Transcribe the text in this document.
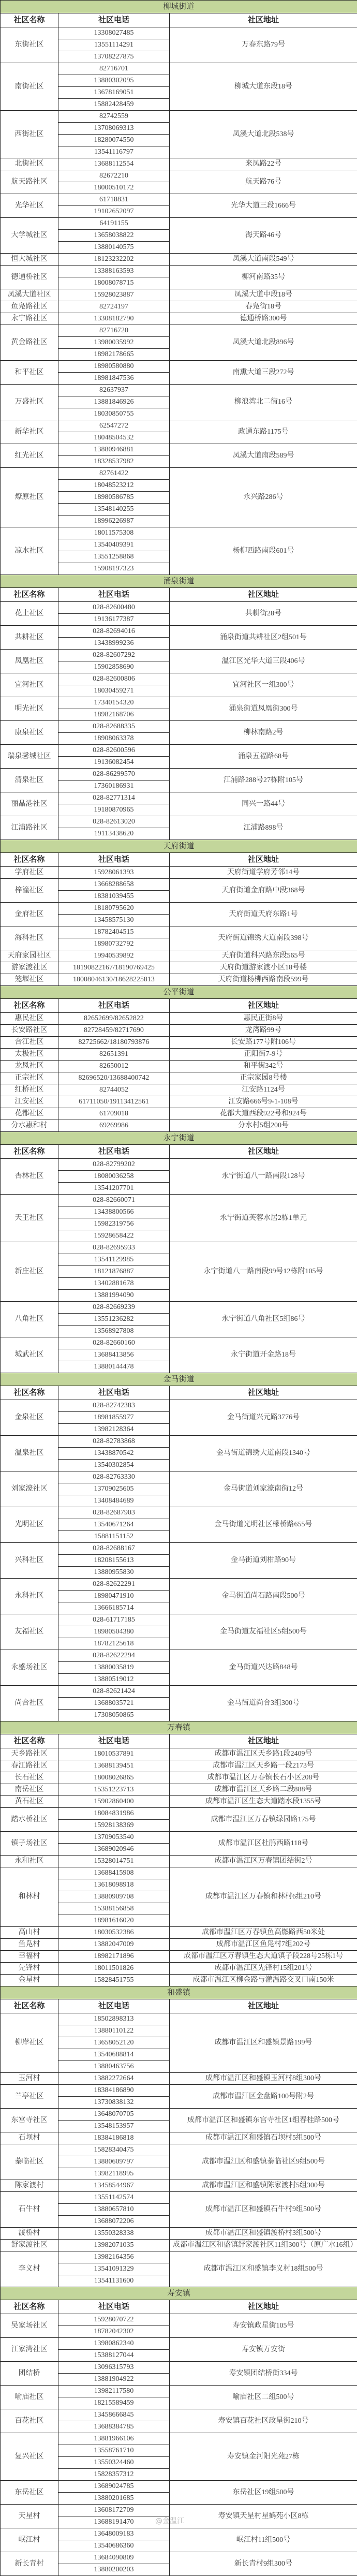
柳城街道		
社区名称	社区电话	社区地址
东街社区	13308027485	万春东路79号
	13551114291	
	13708227875	
南街社区	82716701	柳城大道东段18号
	13880302095	
	13678169051	
	15882428459	
西街社区	82742559	凤溪大道北段538号
	13708069313	
	18280074550	
	13541116797	
北街社区	13688112554	来凤路22号
航天路社区	82672210	航天路76号
	18000510172	
光华社区	61718831	光华大道三段1666号
	19102652097	
大学城社区	64191155	海天路46号
	13658038822	
	13880140575	
恒大城社区	18123232202	凤溪大道南段549号
德通桥社区	13388163593	柳河南路35号
	18008078715	
凤溪大道社区	15928023887	凤溪大道中段18号
鱼凫路社区	82724197	春凫街18号
永宁路社区	13308182790	德通桥路300号
黄金路社区	82716720	凤溪大道北段896号
	13980035992	
	18982178665	
和平社区	18980580880	南熏大道三段272号
	18981847536	
万盛社区	82637937	柳浪湾北二街16号
	13881846926	
	18030850755	
新华社区	62547272	政通东路1175号
	18048504532	
红光社区	13880946881	凤溪大道南段589号
	18328537982	
燎原社区	82761422	永兴路286号
	18048523212	
	18980586785	
	13548140255	
	18996226987	
凉水社区	18011575308	杨柳西路南段601号
	13540409391	
	13551258868	
	15908197323	
涌泉街道		
社区名称	社区电话	社区地址
花土社区	028-82600480	共耕街28号
	19136177387	
共耕社区	028-82694016	涌泉街道共耕社区2组501号
	13438999236	
凤凰社区	028-82607292	温江区光华大道三段406号
	15902858690	
宜河社区	028-82600806	宜河社区一组300号
	18030459271	
明光社区	17340154320	涌泉街道凤凰街300号
	18982168706	
康泉社区	028-82688335	柳林南路2号
	18908063378	
瑞泉馨城社区	028-82600596	涌泉五福路68号
	19136082454	
清泉社区	028-86299570	江浦路288号27栋附105号
	17360186931	
丽晶港社区	028-82771314	同兴一路44号
	19180870965	
江浦路社区	028-82613020	江浦路898号
	19113438620	
天府街道		
社区名称	社区电话	社区地址
学府社区	15928061393	天府街道学府芳邻14号
梓潼社区	13668288658	天府街道金府路中段368号
	18381039455	
金府社区	18180795620	天府街道天府东路1号
	13458575130	
海科社区	18782404515	天府街道锦绣大道南段398号
	18980732792	
天府家园社区	19940539892	天府街道科兴路东段565号
游家渡社区	18190822167/18190769425	天府街道游家渡小区18号楼
笼堰社区	18008046130/18628225813	天府街道杨柳西路南段599号
公平街道		
社区名称	社区电话	社区地址
惠民社区	82652699/82652822	惠民正街8号
长安路社区	82728459/82717690	龙湾路99号
合江社区	82725662/18180793876	长安路177号附106号
太极社区	82651391	正阳街7-9号
龙凤社区	82650012	和平街342号
正宗社区	82696520/13688400742	正宗家园8号楼
红桥社区	82744052	江安路1124号
江安社区	61711050/19113412561	江安路666号9-1-108号
花都社区	61709018	花都大道西段922号和924号
分水惠和村	69269986	分水村5组200号
永宁街道		
社区名称	社区电话	社区地址
杏林社区	028-82799202	永宁街道八一路南段128号
	18080036258	
	13541207701	
天王社区	028-82660071	永宁街道芙蓉水居2栋1单元
	13438800566	
	15982319756	
	15928658422	
新庄社区	028-82695933	永宁街道八一路南段99号12栋附105号
	13541129985	
	18121876887	
	13402881678	
	13881994090	
八角社区	028-82669239	永宁街道八角社区5组86号
	13551236282	
	13568927808	
城武社区	028-82660160	永宁街道开金路18号
	13688413856	
	13880144478	
金马街道		
社区名称	社区电话	社区地址
金泉社区	028-82742383	金马街道兴元路3776号
	18981855977	
	13982128364	
温泉社区	028-82783868	金马街道锦绣大道南段1340号
	13438870542	
	13540302854	
刘家濠社区	028-82763330	金马街道刘家濠南街12号
	13709025605	
	13408484689	
光明社区	028-82687903	金马街道光明社区檬桥路655号
	13540671264	
	15881151152	
兴科社区	028-82688167	金马街道刘柑路90号
	18208155613	
	13880955830	
永科社区	028-82622291	金马街道尚石路南段500号
	18980471910	
	13666185714	
友福社区	028-61717185	金马街道友福社区5组500号
	18980504380	
	18782125618	
永盛场社区	028-82622294	金马街道兴达路848号
	13880035819	
	13880519012	
尚合社区	028-82621424	金马街道尚合3组300号
	13688035721	
	17308050865	
万春镇		
社区名称	社区电话	社区地址
天乡路社区	18010537891	成都市温江区天乡路1段2409号
春江路社区	13688139451	成都市温江区天乡路一段2173号
长石社区	18008026865	成都市温江区万春镇长石小区208号
南岳社区	15351223713	成都市温江区天乡路二段888号
黄石社区	15902860400	成都市温江区生态大道踏水段1355号
踏水桥社区	18084831986	成都市温江区万春镇绿园路175号
	15928138369	
镇子场社区	13709053540	成都市温江区杜鹃西路118号
	13689020946	
永和社区	15328014751	成都市温江区万春镇团结街2号
和林村	13688415908	成都市温江区万春镇和林村6组210号
	13618098918	
	13880909708	
	15388156858	
	18981616020	
高山村	18030532386	成都市温江区万春镇鱼高燃路西50米处
鱼凫村	13882047009	成都市温江区鱼凫村7组202号
幸福村	18982171896	成都市温江区万春镇生态大道镇子段228号25栋1号
先锋村	18011501826	成都市温江区先锋村15组201号
金星村	15828451755	成都市温江区柳金路与灌温路交叉口南150米
和盛镇		
社区名称	社区电话	社区地址
柳岸社区	18502898313	成都市温江区和盛镇景路199号
	13880110122	
	13658052120	
	13540688814	
	13880463756	
玉河村	13882272664	成都市温江区和盛镇玉河村8组300号
兰亭社区	18384186890	成都市温江区金盘路100号附2号
	13730838132	
东宫寺社区	13648070705	成都市温江区和盛镇东宫寺社区1组春桂路500号
	13548153957	
石坝村	18384186818	成都市温江区和盛镇石坝村5组500号
蓁临社区	15828340475	成都市温江区和盛镇蓁临社区9组500号
	13880609797	
	13982118995	
陈家渡村	13458544967	成都市温江区和盛镇陈家渡村5组300号
石牛村	13551142574	成都市温江区和盛镇石牛村9组500号
	13880657810	
	13688072206	
渡桥村	13550328338	成都市温江区和盛镇渡桥村3组500号
舒家渡社区	13982071035	成都市温江区和盛镇舒家渡社区11组300号（原广水16组）
李义村	13982164356	成都市温江区和盛镇李义村18组500号
	13541091329	
	13541131600	
寿安镇		
社区名称	社区电话	社区地址
吴家场社区	15928070722	寿安镇政星街105号
	18782042302	
江家湾社区	13980862340	寿安镇万安街
	15388127044	
团结桥	13096315793	寿安镇团结桥街334号
	13881904922	
喻庙社区	13982117580	喻庙社区二组500号
	18215589459	
百花社区	13458666845	寿安镇百花社区政星街210号
	13688384785	
复兴社区	13881966106	寿安镇金河阳光苑27栋
	13558761710	
	13550324460	
	15828357312	
东岳社区	13689024785	东岳社区19组500号
	13880201685	
天星村	13608172709	寿安镇天星村星鹤苑小区8栋
	13688191470	
岷江村	13648009183	岷江村11组500号
	13540686360	
新长青村	13684090809	新长青村9组300号
	13880200203	
@金温江
